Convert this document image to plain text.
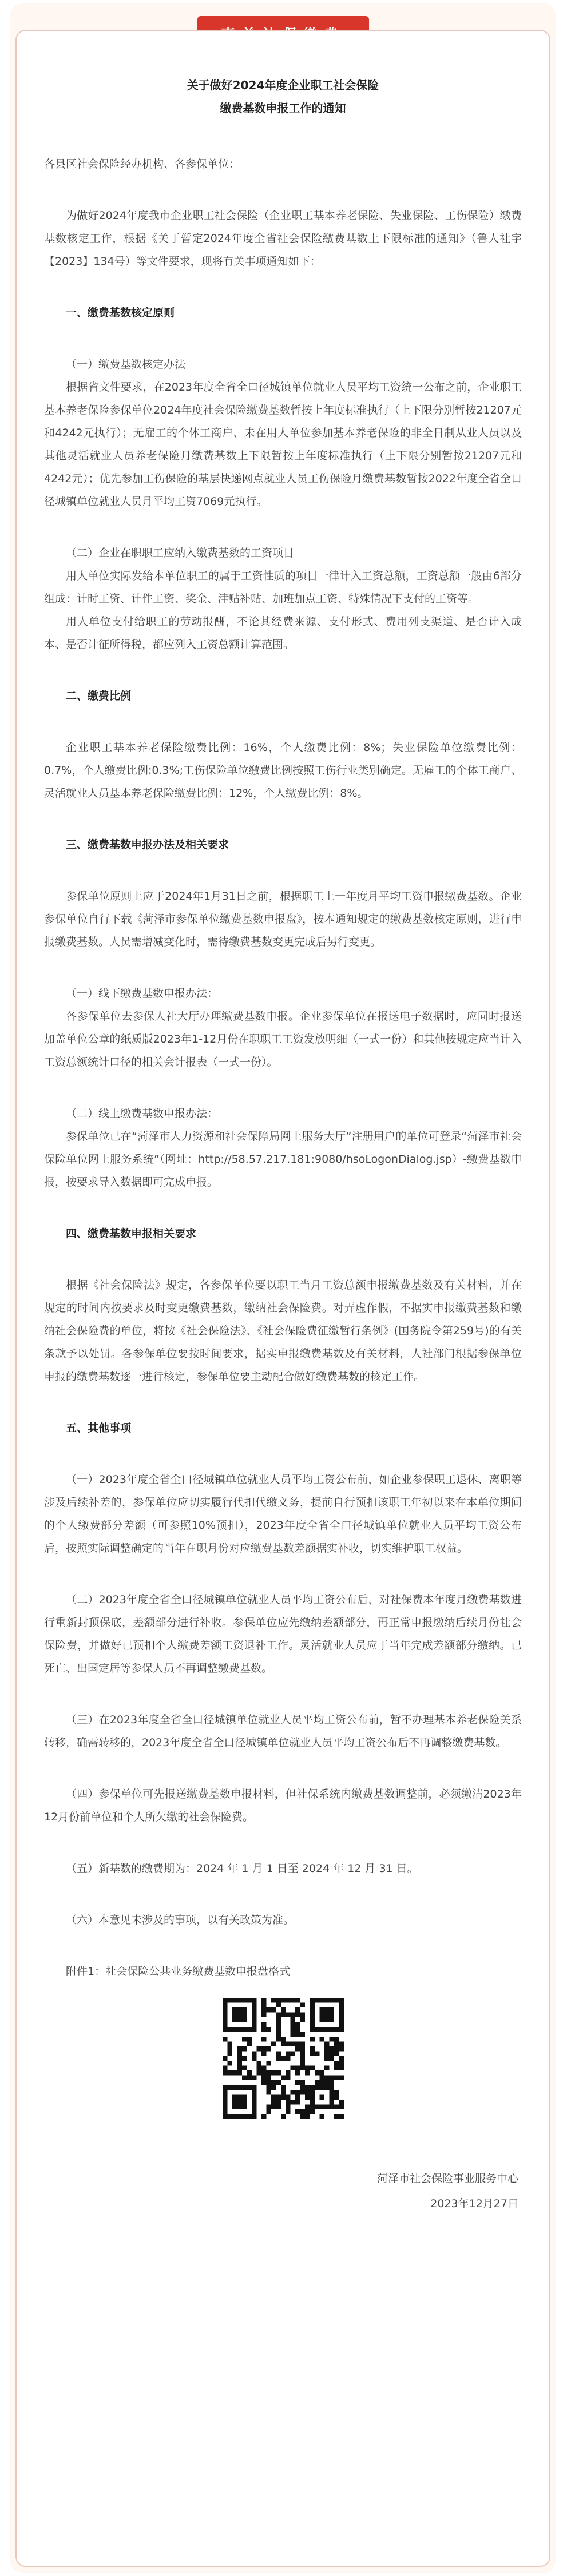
关于做好2024年度企业职工社会保险
缴费基数申报工作的通知

各县区社会保险经办机构、各参保单位：

为做好2024年度我市企业职工社会保险（企业职工基本养老保险、失业保险、工伤保险）缴费基数核定工作，根据《关于暂定2024年度全省社会保险缴费基数上下限标准的通知》（鲁人社字【2023】134号）等文件要求，现将有关事项通知如下：

一、缴费基数核定原则

（一）缴费基数核定办法

根据省文件要求，在2023年度全省全口径城镇单位就业人员平均工资统一公布之前，企业职工基本养老保险参保单位2024年度社会保险缴费基数暂按上年度标准执行（上下限分别暂按21207元和4242元执行）；无雇工的个体工商户、未在用人单位参加基本养老保险的非全日制从业人员以及其他灵活就业人员养老保险月缴费基数上下限暂按上年度标准执行（上下限分别暂按21207元和4242元）；优先参加工伤保险的基层快递网点就业人员工伤保险月缴费基数暂按2022年度全省全口径城镇单位就业人员月平均工资7069元执行。

（二）企业在职职工应纳入缴费基数的工资项目

用人单位实际发给本单位职工的属于工资性质的项目一律计入工资总额，工资总额一般由6部分组成：计时工资、计件工资、奖金、津贴补贴、加班加点工资、特殊情况下支付的工资等。

用人单位支付给职工的劳动报酬，不论其经费来源、支付形式、费用列支渠道、是否计入成本、是否计征所得税，都应列入工资总额计算范围。

二、缴费比例

企业职工基本养老保险缴费比例：16%，个人缴费比例：8%；失业保险单位缴费比例：0.7%，个人缴费比例:0.3%;工伤保险单位缴费比例按照工伤行业类别确定。无雇工的个体工商户、灵活就业人员基本养老保险缴费比例：12%，个人缴费比例：8%。

三、缴费基数申报办法及相关要求

参保单位原则上应于2024年1月31日之前，根据职工上一年度月平均工资申报缴费基数。企业参保单位自行下载《菏泽市参保单位缴费基数申报盘》，按本通知规定的缴费基数核定原则，进行申报缴费基数。人员需增减变化时，需待缴费基数变更完成后另行变更。

（一）线下缴费基数申报办法：

各参保单位去参保人社大厅办理缴费基数申报。企业参保单位在报送电子数据时，应同时报送加盖单位公章的纸质版2023年1-12月份在职职工工资发放明细（一式一份）和其他按规定应当计入工资总额统计口径的相关会计报表（一式一份）。

（二）线上缴费基数申报办法：

参保单位已在“菏泽市人力资源和社会保障局网上服务大厅”注册用户的单位可登录“菏泽市社会保险单位网上服务系统”（网址：http://58.57.217.181:9080/hsoLogonDialog.jsp）-缴费基数申报，按要求导入数据即可完成申报。

四、缴费基数申报相关要求

根据《社会保险法》规定，各参保单位要以职工当月工资总额申报缴费基数及有关材料，并在规定的时间内按要求及时变更缴费基数，缴纳社会保险费。对弄虚作假，不据实申报缴费基数和缴纳社会保险费的单位，将按《社会保险法》、《社会保险费征缴暂行条例》(国务院令第259号)的有关条款予以处罚。各参保单位要按时间要求，据实申报缴费基数及有关材料，人社部门根据参保单位申报的缴费基数逐一进行核定，参保单位要主动配合做好缴费基数的核定工作。

五、其他事项

（一）2023年度全省全口径城镇单位就业人员平均工资公布前，如企业参保职工退休、离职等涉及后续补差的，参保单位应切实履行代扣代缴义务，提前自行预扣该职工年初以来在本单位期间的个人缴费部分差额（可参照10%预扣），2023年度全省全口径城镇单位就业人员平均工资公布后，按照实际调整确定的当年在职月份对应缴费基数差额据实补收，切实维护职工权益。

（二）2023年度全省全口径城镇单位就业人员平均工资公布后，对社保费本年度月缴费基数进行重新封顶保底，差额部分进行补收。参保单位应先缴纳差额部分，再正常申报缴纳后续月份社会保险费，并做好已预扣个人缴费差额工资退补工作。灵活就业人员应于当年完成差额部分缴纳。已死亡、出国定居等参保人员不再调整缴费基数。

（三）在2023年度全省全口径城镇单位就业人员平均工资公布前，暂不办理基本养老保险关系转移，确需转移的，2023年度全省全口径城镇单位就业人员平均工资公布后不再调整缴费基数。

（四）参保单位可先报送缴费基数申报材料，但社保系统内缴费基数调整前，必须缴清2023年12月份前单位和个人所欠缴的社会保险费。

（五）新基数的缴费期为：2024 年 1 月 1 日至 2024 年 12 月 31 日。

（六）本意见未涉及的事项，以有关政策为准。

附件1：社会保险公共业务缴费基数申报盘格式

菏泽市社会保险事业服务中心
2023年12月27日
